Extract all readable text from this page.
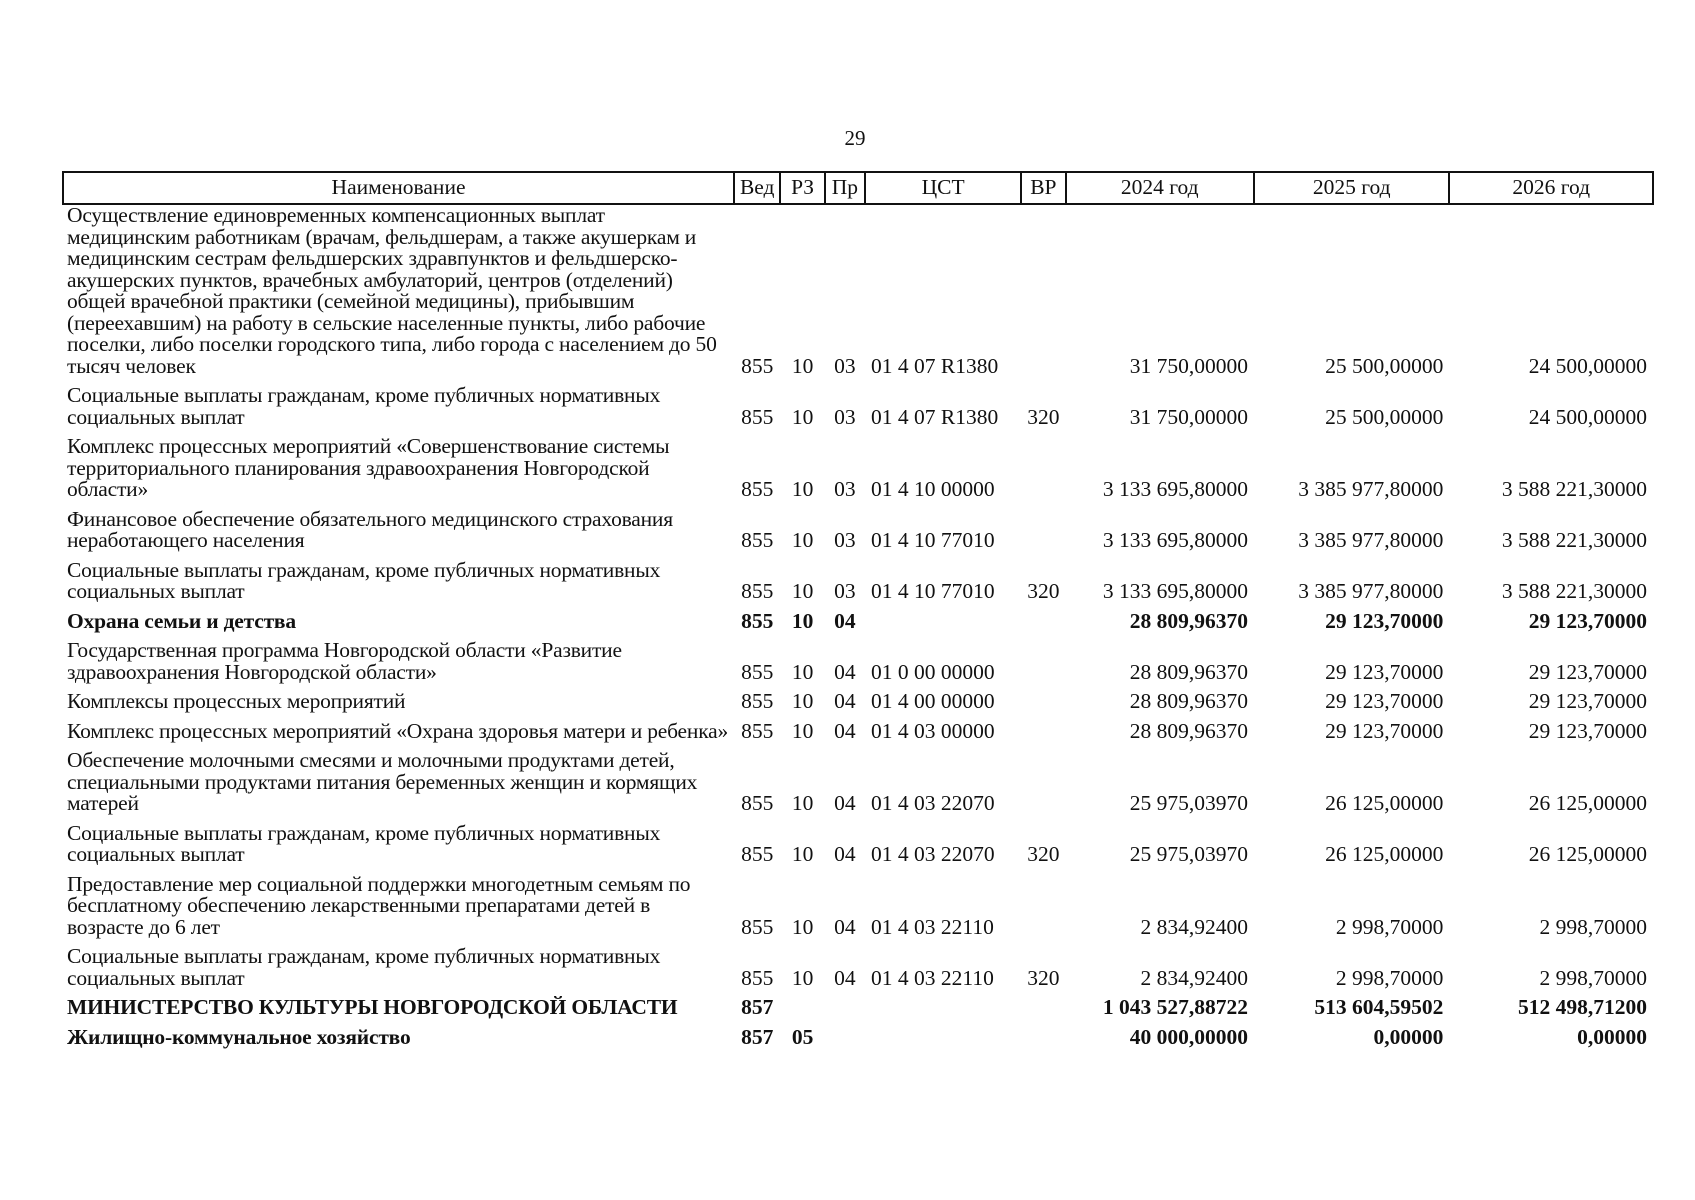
29
Наименование	Вед	РЗ	Пр	ЦСТ	ВР	2024 год	2025 год	2026 год
Осуществление единовременных компенсационных выплат медицинским работникам (врачам, фельдшерам, а также акушеркам и медицинским сестрам фельдшерских здравпунктов и фельдшерско-акушерских пунктов, врачебных амбулаторий, центров (отделений) общей врачебной практики (семейной медицины), прибывшим (переехавшим) на работу в сельские населенные пункты, либо рабочие поселки, либо поселки городского типа, либо города с населением до 50 тысяч человек	855	10	03	01 4 07 R1380		31 750,00000	25 500,00000	24 500,00000
Социальные выплаты гражданам, кроме публичных нормативных социальных выплат	855	10	03	01 4 07 R1380	320	31 750,00000	25 500,00000	24 500,00000
Комплекс процессных мероприятий «Совершенствование системы территориального планирования здравоохранения Новгородской области»	855	10	03	01 4 10 00000		3 133 695,80000	3 385 977,80000	3 588 221,30000
Финансовое обеспечение обязательного медицинского страхования неработающего населения	855	10	03	01 4 10 77010		3 133 695,80000	3 385 977,80000	3 588 221,30000
Социальные выплаты гражданам, кроме публичных нормативных социальных выплат	855	10	03	01 4 10 77010	320	3 133 695,80000	3 385 977,80000	3 588 221,30000
Охрана семьи и детства	855	10	04			28 809,96370	29 123,70000	29 123,70000
Государственная программа Новгородской области «Развитие здравоохранения Новгородской области»	855	10	04	01 0 00 00000		28 809,96370	29 123,70000	29 123,70000
Комплексы процессных мероприятий	855	10	04	01 4 00 00000		28 809,96370	29 123,70000	29 123,70000
Комплекс процессных мероприятий «Охрана здоровья матери и ребенка»	855	10	04	01 4 03 00000		28 809,96370	29 123,70000	29 123,70000
Обеспечение молочными смесями и молочными продуктами детей, специальными продуктами питания беременных женщин и кормящих матерей	855	10	04	01 4 03 22070		25 975,03970	26 125,00000	26 125,00000
Социальные выплаты гражданам, кроме публичных нормативных социальных выплат	855	10	04	01 4 03 22070	320	25 975,03970	26 125,00000	26 125,00000
Предоставление мер социальной поддержки многодетным семьям по бесплатному обеспечению лекарственными препаратами детей в возрасте до 6 лет	855	10	04	01 4 03 22110		2 834,92400	2 998,70000	2 998,70000
Социальные выплаты гражданам, кроме публичных нормативных социальных выплат	855	10	04	01 4 03 22110	320	2 834,92400	2 998,70000	2 998,70000
МИНИСТЕРСТВО КУЛЬТУРЫ НОВГОРОДСКОЙ ОБЛАСТИ	857					1 043 527,88722	513 604,59502	512 498,71200
Жилищно-коммунальное хозяйство	857	05				40 000,00000	0,00000	0,00000
